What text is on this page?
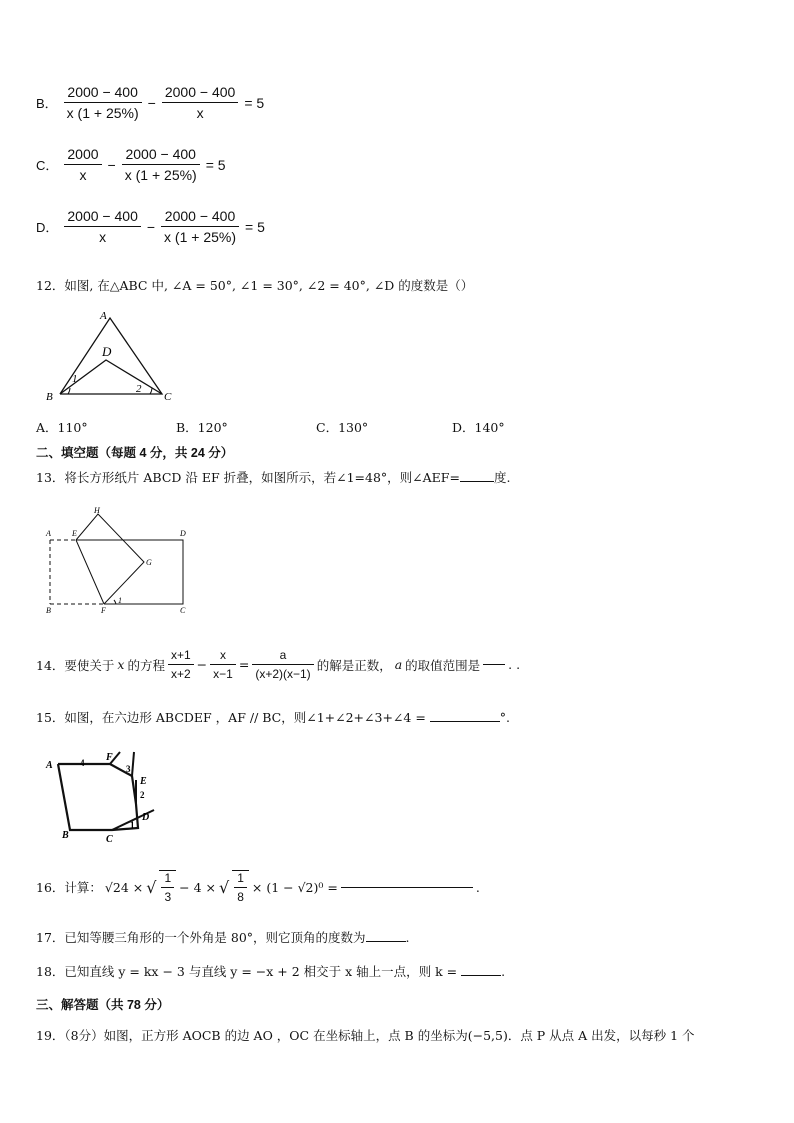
B． $\frac{2000 - 400}{x (1 + 25\%)} - \frac{2000 - 400}{x} = 5$
C． $\frac{2000}{x} - \frac{2000 - 400}{x (1 + 25\%)} = 5$
D． $\frac{2000 - 400}{x} - \frac{2000 - 400}{x (1 + 25\%)} = 5$
12．如图, 在△ABC 中, ∠A = 50°, ∠1 = 30°, ∠2 = 40°, ∠D 的度数是（）
A
D
B	C
1
2
A．110°	B．120°	C．130°	D．140°
二、填空题（每题 4 分，共 24 分）
13．将长方形纸片 ABCD 沿 EF 折叠，如图所示，若∠1=48°，则∠AEF=	度.
A	E
H
D
G
B	F	C
1
14．要使关于 x 的方程 $\frac{x+1}{x+2} - \frac{x}{x-1} = \frac{a}{(x+2)(x-1)}$ 的解是正数， a 的取值范围是 . .
15．如图，在六边形 ABCDEF ，AF // BC，则∠1+∠2+∠3+∠4 =	°.
A
F
E
D
C
B
4
3
2
1
16．计算： √24 × √ $\frac{1}{3} - 4$ × √ $\frac{1}{8} \times (1 - √2)^0$ =	.
17．已知等腰三角形的一个外角是 80°，则它顶角的度数为	.
18．已知直线 y = kx − 3 与直线 y = −x + 2 相交于 x 轴上一点，则 k =	.
三、解答题（共 78 分）
19．（8分）如图，正方形 AOCB 的边 AO ，OC 在坐标轴上，点 B 的坐标为(−5,5)．点 P 从点 A 出发，以每秒 1 个
